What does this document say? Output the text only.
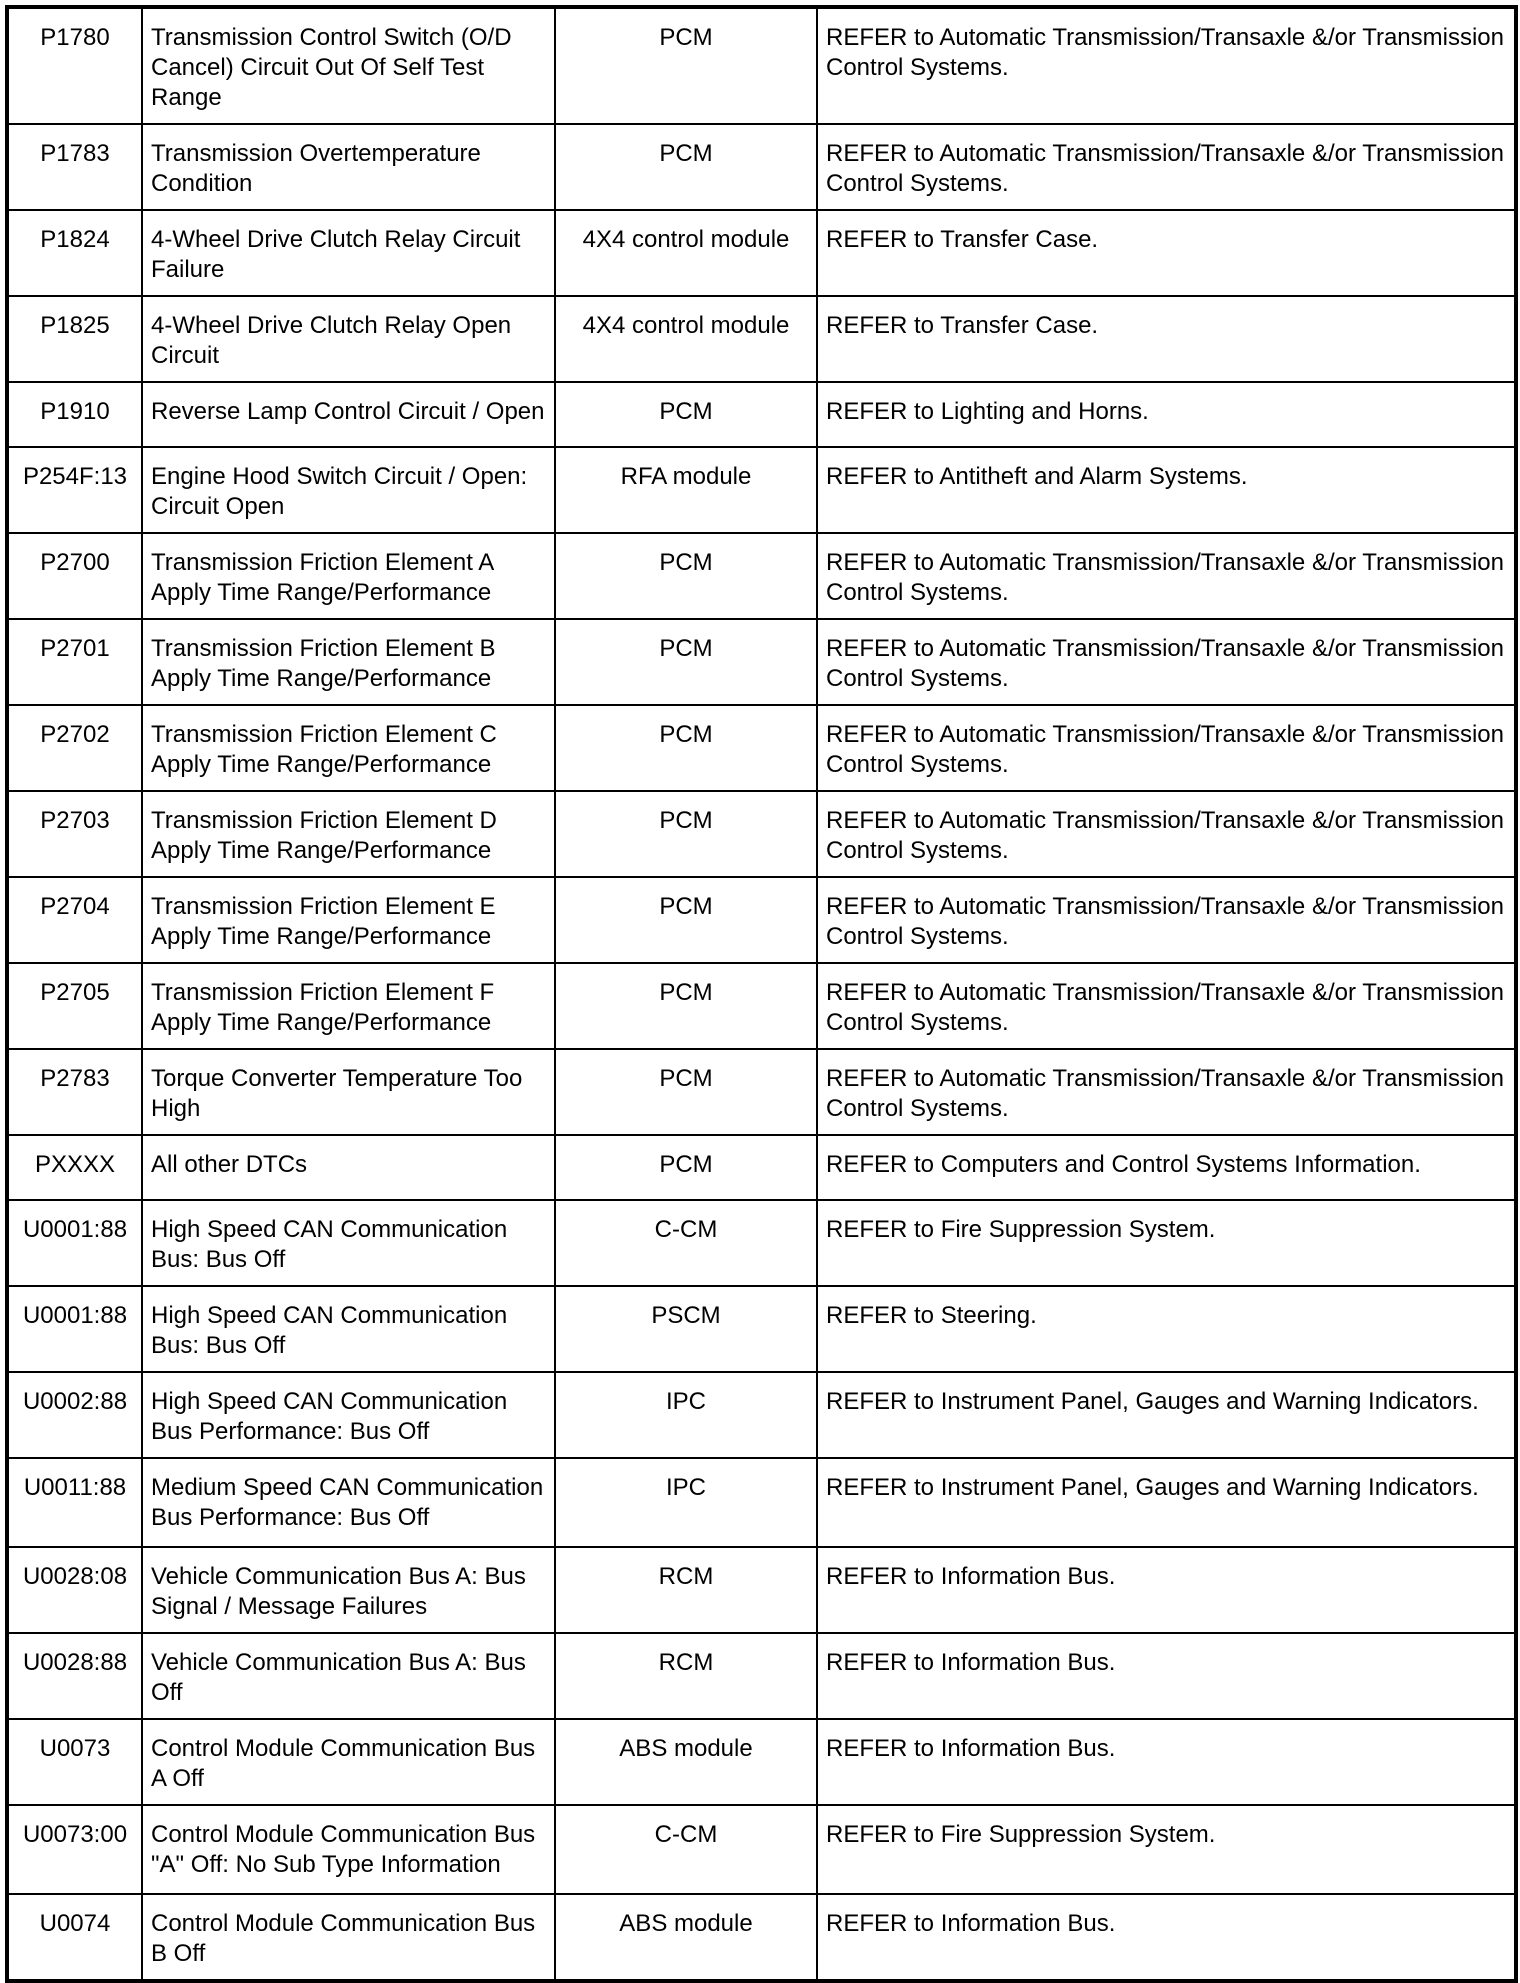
P1780	Transmission Control Switch (O/D Cancel) Circuit Out Of Self Test Range	PCM	REFER to Automatic Transmission/Transaxle &/or Transmission Control Systems.
P1783	Transmission Overtemperature Condition	PCM	REFER to Automatic Transmission/Transaxle &/or Transmission Control Systems.
P1824	4-Wheel Drive Clutch Relay Circuit Failure	4X4 control module	REFER to Transfer Case.
P1825	4-Wheel Drive Clutch Relay Open Circuit	4X4 control module	REFER to Transfer Case.
P1910	Reverse Lamp Control Circuit / Open	PCM	REFER to Lighting and Horns.
P254F:13	Engine Hood Switch Circuit / Open: Circuit Open	RFA module	REFER to Antitheft and Alarm Systems.
P2700	Transmission Friction Element A Apply Time Range/Performance	PCM	REFER to Automatic Transmission/Transaxle &/or Transmission Control Systems.
P2701	Transmission Friction Element B Apply Time Range/Performance	PCM	REFER to Automatic Transmission/Transaxle &/or Transmission Control Systems.
P2702	Transmission Friction Element C Apply Time Range/Performance	PCM	REFER to Automatic Transmission/Transaxle &/or Transmission Control Systems.
P2703	Transmission Friction Element D Apply Time Range/Performance	PCM	REFER to Automatic Transmission/Transaxle &/or Transmission Control Systems.
P2704	Transmission Friction Element E Apply Time Range/Performance	PCM	REFER to Automatic Transmission/Transaxle &/or Transmission Control Systems.
P2705	Transmission Friction Element F Apply Time Range/Performance	PCM	REFER to Automatic Transmission/Transaxle &/or Transmission Control Systems.
P2783	Torque Converter Temperature Too High	PCM	REFER to Automatic Transmission/Transaxle &/or Transmission Control Systems.
PXXXX	All other DTCs	PCM	REFER to Computers and Control Systems Information.
U0001:88	High Speed CAN Communication Bus: Bus Off	C-CM	REFER to Fire Suppression System.
U0001:88	High Speed CAN Communication Bus: Bus Off	PSCM	REFER to Steering.
U0002:88	High Speed CAN Communication Bus Performance: Bus Off	IPC	REFER to Instrument Panel, Gauges and Warning Indicators.
U0011:88	Medium Speed CAN Communication Bus Performance: Bus Off	IPC	REFER to Instrument Panel, Gauges and Warning Indicators.
U0028:08	Vehicle Communication Bus A: Bus Signal / Message Failures	RCM	REFER to Information Bus.
U0028:88	Vehicle Communication Bus A: Bus Off	RCM	REFER to Information Bus.
U0073	Control Module Communication Bus A Off	ABS module	REFER to Information Bus.
U0073:00	Control Module Communication Bus "A" Off: No Sub Type Information	C-CM	REFER to Fire Suppression System.
U0074	Control Module Communication Bus B Off	ABS module	REFER to Information Bus.
